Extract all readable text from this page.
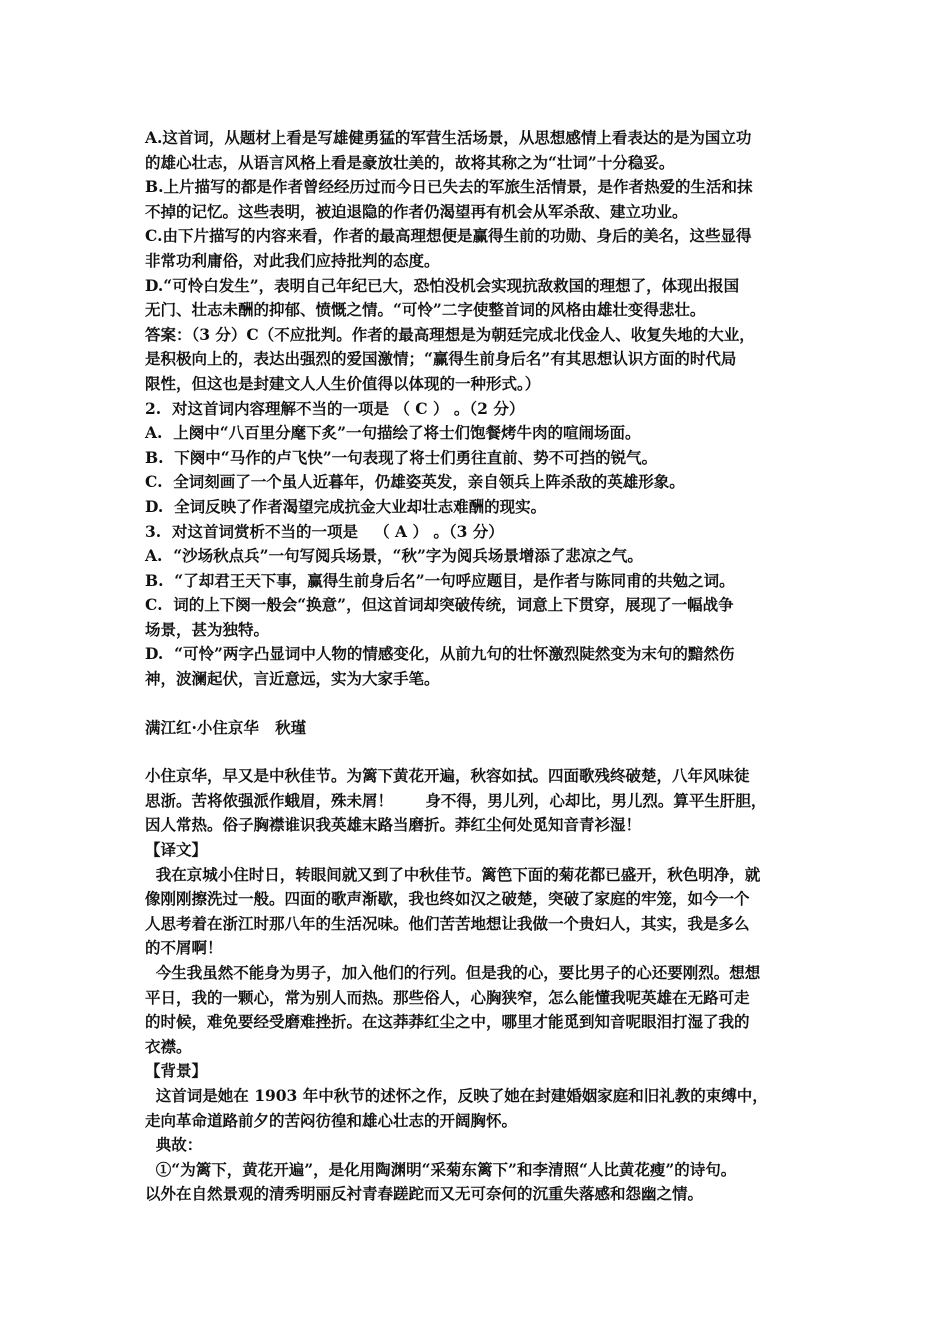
A.这首词，从题材上看是写雄健勇猛的军营生活场景，从思想感情上看表达的是为国立功
的雄心壮志，从语言风格上看是豪放壮美的，故将其称之为“壮词”十分稳妥。
B.上片描写的都是作者曾经经历过而今日已失去的军旅生活情景，是作者热爱的生活和抹
不掉的记忆。这些表明，被迫退隐的作者仍渴望再有机会从军杀敌、建立功业。
C.由下片描写的内容来看，作者的最高理想便是赢得生前的功勋、身后的美名，这些显得
非常功利庸俗，对此我们应持批判的态度。
D.“可怜白发生”，表明自己年纪已大，恐怕没机会实现抗敌救国的理想了，体现出报国
无门、壮志未酬的抑郁、愤慨之情。“可怜”二字使整首词的风格由雄壮变得悲壮。
答案：（3 分）C（不应批判。作者的最高理想是为朝廷完成北伐金人、收复失地的大业，
是积极向上的，表达出强烈的爱国激情；“赢得生前身后名”有其思想认识方面的时代局
限性，但这也是封建文人人生价值得以体现的一种形式。）
2.  对这首词内容理解不当的一项是 （ C ） 。（2 分）
A.  上阕中“八百里分麾下炙”一句描绘了将士们饱餐烤牛肉的喧闹场面。
B.  下阕中“马作的卢飞快”一句表现了将士们勇往直前、势不可挡的锐气。
C.  全词刻画了一个虽人近暮年，仍雄姿英发，亲自领兵上阵杀敌的英雄形象。
D.  全词反映了作者渴望完成抗金大业却壮志难酬的现实。
3.  对这首词赏析不当的一项是   （ A ） 。（3 分）
A.  “沙场秋点兵”一句写阅兵场景，“秋”字为阅兵场景增添了悲凉之气。
B.  “了却君王天下事，赢得生前身后名”一句呼应题目，是作者与陈同甫的共勉之词。
C.  词的上下阕一般会“换意”，但这首词却突破传统，词意上下贯穿，展现了一幅战争
场景，甚为独特。
D.  “可怜”两字凸显词中人物的情感变化，从前九句的壮怀激烈陡然变为末句的黯然伤
神，波澜起伏，言近意远，实为大家手笔。
满江红·小住京华   秋瑾
小住京华，早又是中秋佳节。为篱下黄花开遍，秋容如拭。四面歌残终破楚，八年风味徒
思浙。苦将侬强派作蛾眉，殊未屑！      身不得，男儿列，心却比，男儿烈。算平生肝胆，
因人常热。俗子胸襟谁识我英雄末路当磨折。莽红尘何处觅知音青衫湿！
【译文】
我在京城小住时日，转眼间就又到了中秋佳节。篱笆下面的菊花都已盛开，秋色明净，就
像刚刚擦洗过一般。四面的歌声渐歇，我也终如汉之破楚，突破了家庭的牢笼，如今一个
人思考着在浙江时那八年的生活况味。他们苦苦地想让我做一个贵妇人，其实，我是多么
的不屑啊！
今生我虽然不能身为男子，加入他们的行列。但是我的心，要比男子的心还要刚烈。想想
平日，我的一颗心，常为别人而热。那些俗人，心胸狭窄，怎么能懂我呢英雄在无路可走
的时候，难免要经受磨难挫折。在这莽莽红尘之中，哪里才能觅到知音呢眼泪打湿了我的
衣襟。
【背景】
这首词是她在 1903 年中秋节的述怀之作，反映了她在封建婚姻家庭和旧礼教的束缚中，
走向革命道路前夕的苦闷彷徨和雄心壮志的开阔胸怀。
典故：
①“为篱下，黄花开遍”，是化用陶渊明“采菊东篱下”和李清照“人比黄花瘦”的诗句。
以外在自然景观的清秀明丽反衬青春蹉跎而又无可奈何的沉重失落感和怨幽之情。
